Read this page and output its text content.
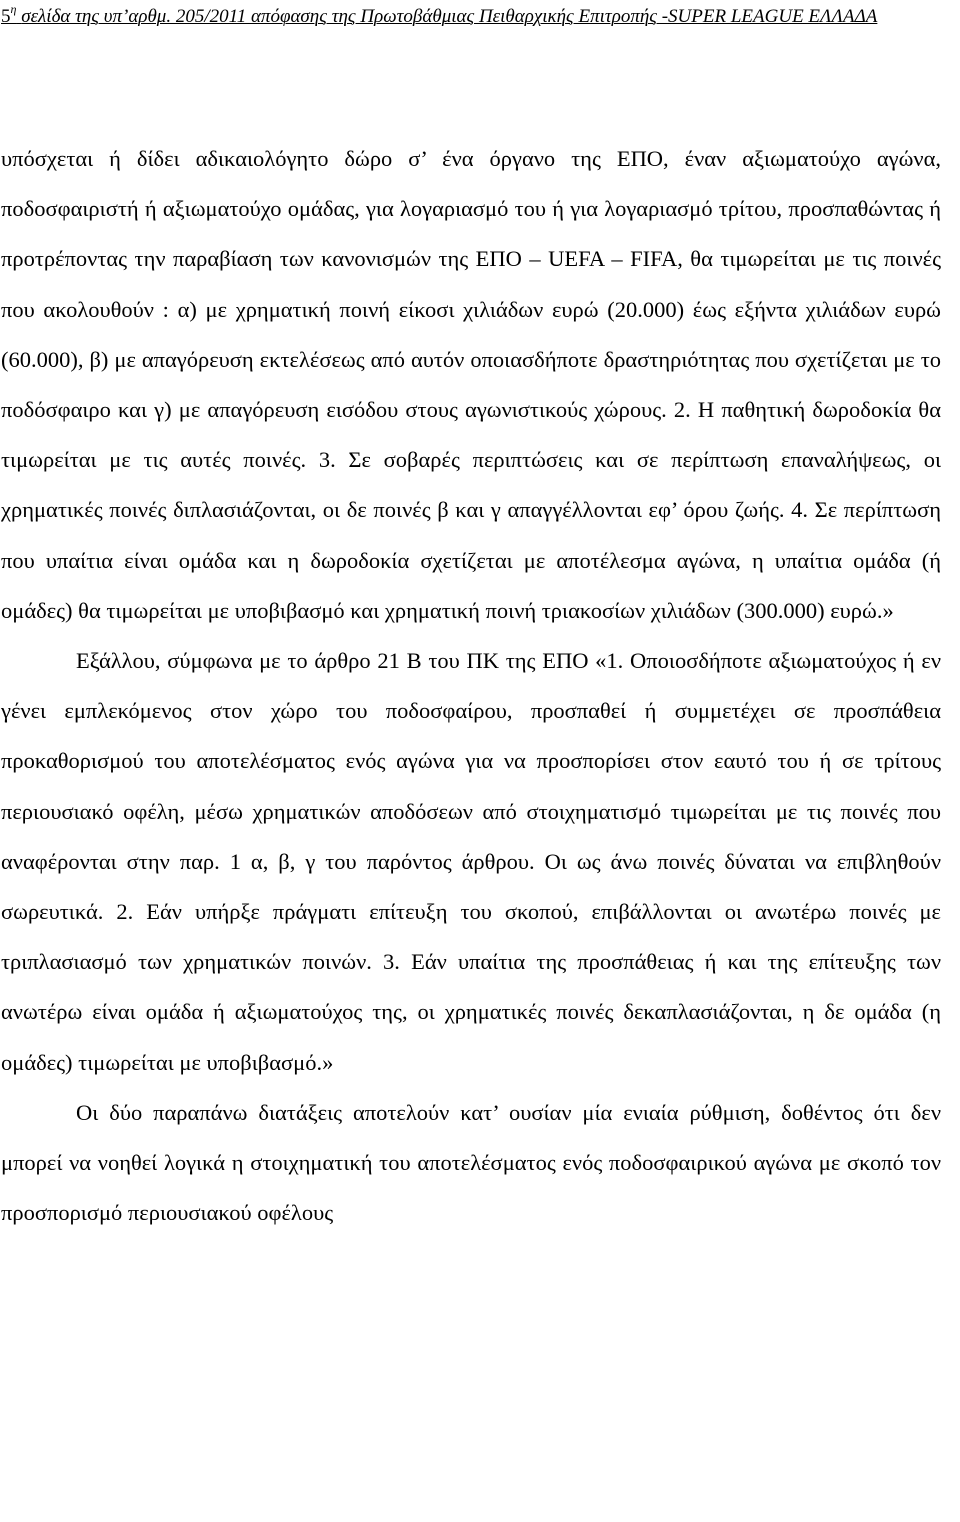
$5^\eta$ σελίδα της υπ’αρθμ. 205/2011 απόφασης της Πρωτοβάθμιας Πειθαρχικής Επιτροπής -SUPER LEAGUE ΕΛΛΑΔΑ

υπόσχεται ή δίδει αδικαιολόγητο δώρο σ’ ένα όργανο της ΕΠΟ, έναν αξιωματούχο αγώνα, ποδοσφαιριστή ή αξιωματούχο ομάδας, για λογαριασμό του ή για λογαριασμό τρίτου, προσπαθώντας ή προτρέποντας την παραβίαση των κανονισμών της ΕΠΟ – UEFA – FIFA, θα τιμωρείται με τις ποινές που ακολουθούν : α) με χρηματική ποινή είκοσι χιλιάδων ευρώ (20.000) έως εξήντα χιλιάδων ευρώ (60.000), β) με απαγόρευση εκτελέσεως από αυτόν οποιασδήποτε δραστηριότητας που σχετίζεται με το ποδόσφαιρο και γ) με απαγόρευση εισόδου στους αγωνιστικούς χώρους. 2. Η παθητική δωροδοκία θα τιμωρείται με τις αυτές ποινές. 3. Σε σοβαρές περιπτώσεις και σε περίπτωση επαναλήψεως, οι χρηματικές ποινές διπλασιάζονται, οι δε ποινές β και γ απαγγέλλονται εφ’ όρου ζωής. 4. Σε περίπτωση που υπαίτια είναι ομάδα και η δωροδοκία σχετίζεται με αποτέλεσμα αγώνα, η υπαίτια ομάδα (ή ομάδες) θα τιμωρείται με υποβιβασμό και χρηματική ποινή τριακοσίων χιλιάδων (300.000) ευρώ.»

Εξάλλου, σύμφωνα με το άρθρο 21 Β του ΠΚ της ΕΠΟ «1. Οποιοσδήποτε αξιωματούχος ή εν γένει εμπλεκόμενος στον χώρο του ποδοσφαίρου, προσπαθεί ή συμμετέχει σε προσπάθεια προκαθορισμού του αποτελέσματος ενός αγώνα για να προσπορίσει στον εαυτό του ή σε τρίτους περιουσιακό οφέλη, μέσω χρηματικών αποδόσεων από στοιχηματισμό τιμωρείται με τις ποινές που αναφέρονται στην παρ. 1 α, β, γ του παρόντος άρθρου. Οι ως άνω ποινές δύναται να επιβληθούν σωρευτικά. 2. Εάν υπήρξε πράγματι επίτευξη του σκοπού, επιβάλλονται οι ανωτέρω ποινές με τριπλασιασμό των χρηματικών ποινών. 3. Εάν υπαίτια της προσπάθειας ή και της επίτευξης των ανωτέρω είναι ομάδα ή αξιωματούχος της, οι χρηματικές ποινές δεκαπλασιάζονται, η δε ομάδα (η ομάδες) τιμωρείται με υποβιβασμό.»

Οι δύο παραπάνω διατάξεις αποτελούν κατ’ ουσίαν μία ενιαία ρύθμιση, δοθέντος ότι δεν μπορεί να νοηθεί λογικά η στοιχηματική του αποτελέσματος ενός ποδοσφαιρικού αγώνα με σκοπό τον προσπορισμό περιουσιακού οφέλους
